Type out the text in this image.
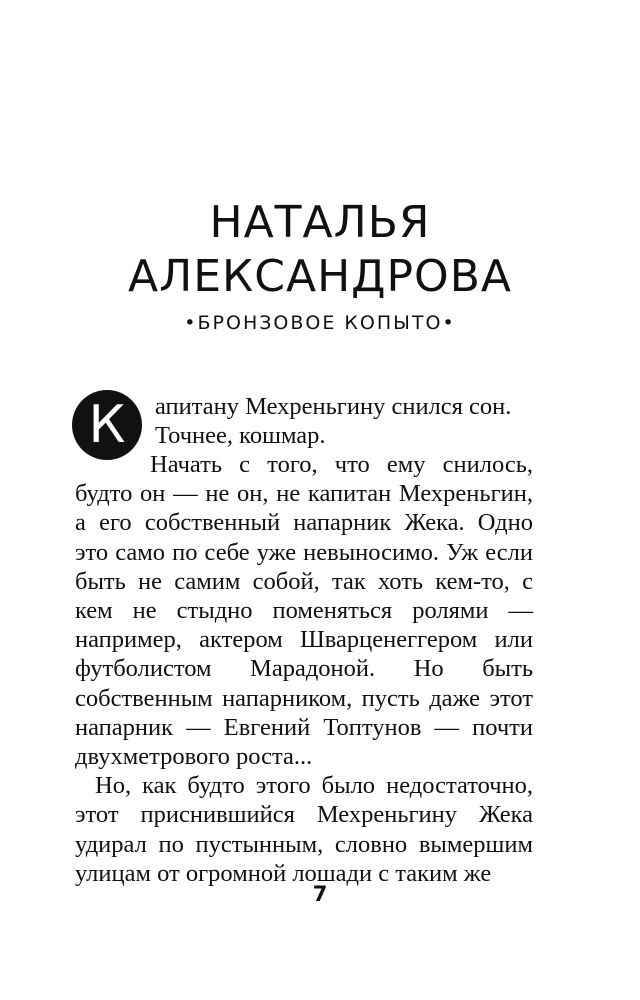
НАТАЛЬЯ
АЛЕКСАНДРОВА
•БРОНЗОВОЕ КОПЫТО•
К	апитану Мехреньгину снился сон.
Точнее, кошмар.

Начать с того, что ему снилось, будто он — не он, не капитан Мехреньгин, а его собственный напарник Жека. Одно это само по себе уже невыносимо. Уж если быть не самим собой, так хоть кем-то, с кем не стыдно поменяться ролями — например, актером Шварценеггером или футболистом Марадоной. Но быть собственным напарником, пусть даже этот напарник — Евгений Топтунов — почти двухметрового роста...

Но, как будто этого было недостаточно, этот приснившийся Мехреньгину Жека удирал по пустынным, словно вымершим улицам от огромной лошади с таким же

7
